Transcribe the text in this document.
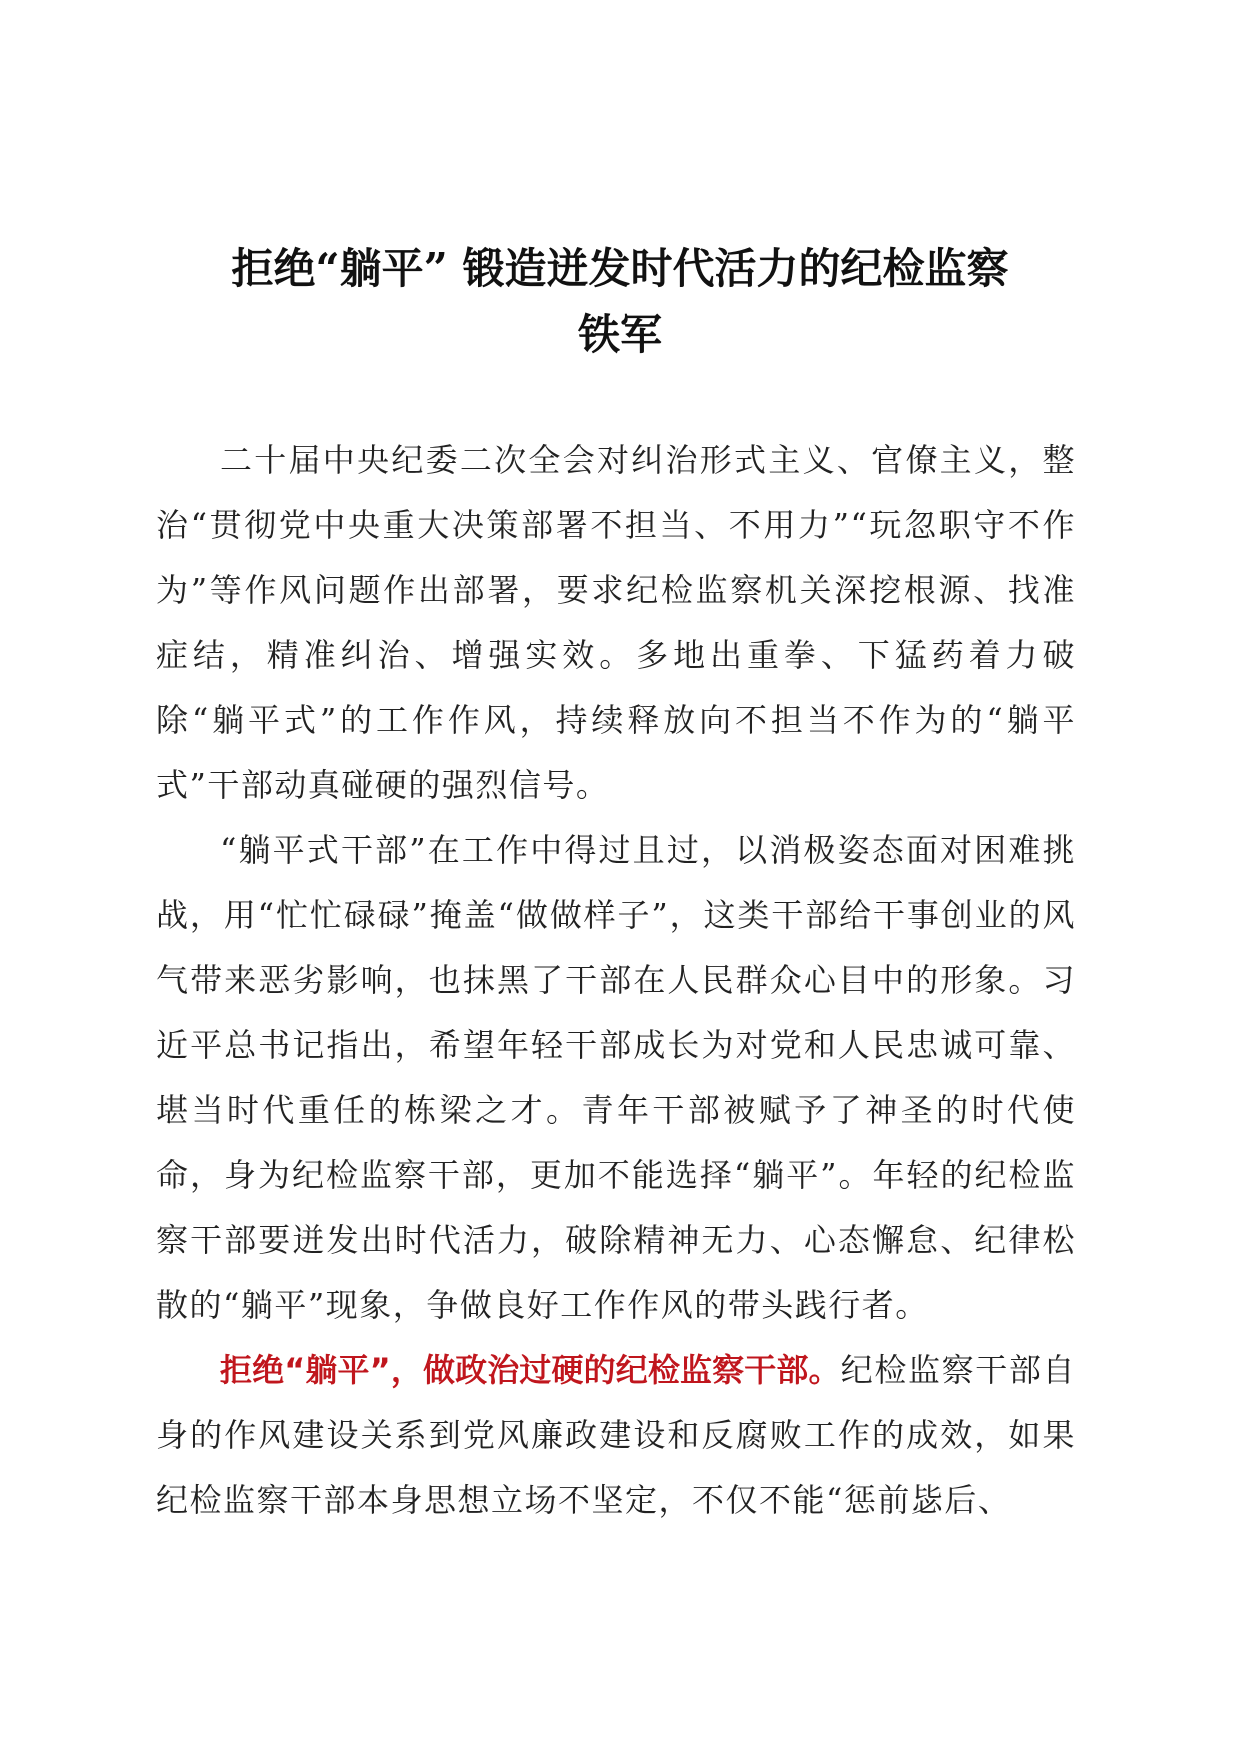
拒绝“躺平” 锻造迸发时代活力的纪检监察
铁军

二十届中央纪委二次全会对纠治形式主义、官僚主义，整治“贯彻党中央重大决策部署不担当、不用力”“玩忽职守不作为”等作风问题作出部署，要求纪检监察机关深挖根源、找准症结，精准纠治、增强实效。多地出重拳、下猛药着力破除“躺平式”的工作作风，持续释放向不担当不作为的“躺平式”干部动真碰硬的强烈信号。

“躺平式干部”在工作中得过且过，以消极姿态面对困难挑战，用“忙忙碌碌”掩盖“做做样子”，这类干部给干事创业的风气带来恶劣影响，也抹黑了干部在人民群众心目中的形象。习近平总书记指出，希望年轻干部成长为对党和人民忠诚可靠、堪当时代重任的栋梁之才。青年干部被赋予了神圣的时代使命，身为纪检监察干部，更加不能选择“躺平”。年轻的纪检监察干部要迸发出时代活力，破除精神无力、心态懈怠、纪律松散的“躺平”现象，争做良好工作作风的带头践行者。

拒绝“躺平”，做政治过硬的纪检监察干部。纪检监察干部自身的作风建设关系到党风廉政建设和反腐败工作的成效，如果纪检监察干部本身思想立场不坚定，不仅不能“惩前毖后、
